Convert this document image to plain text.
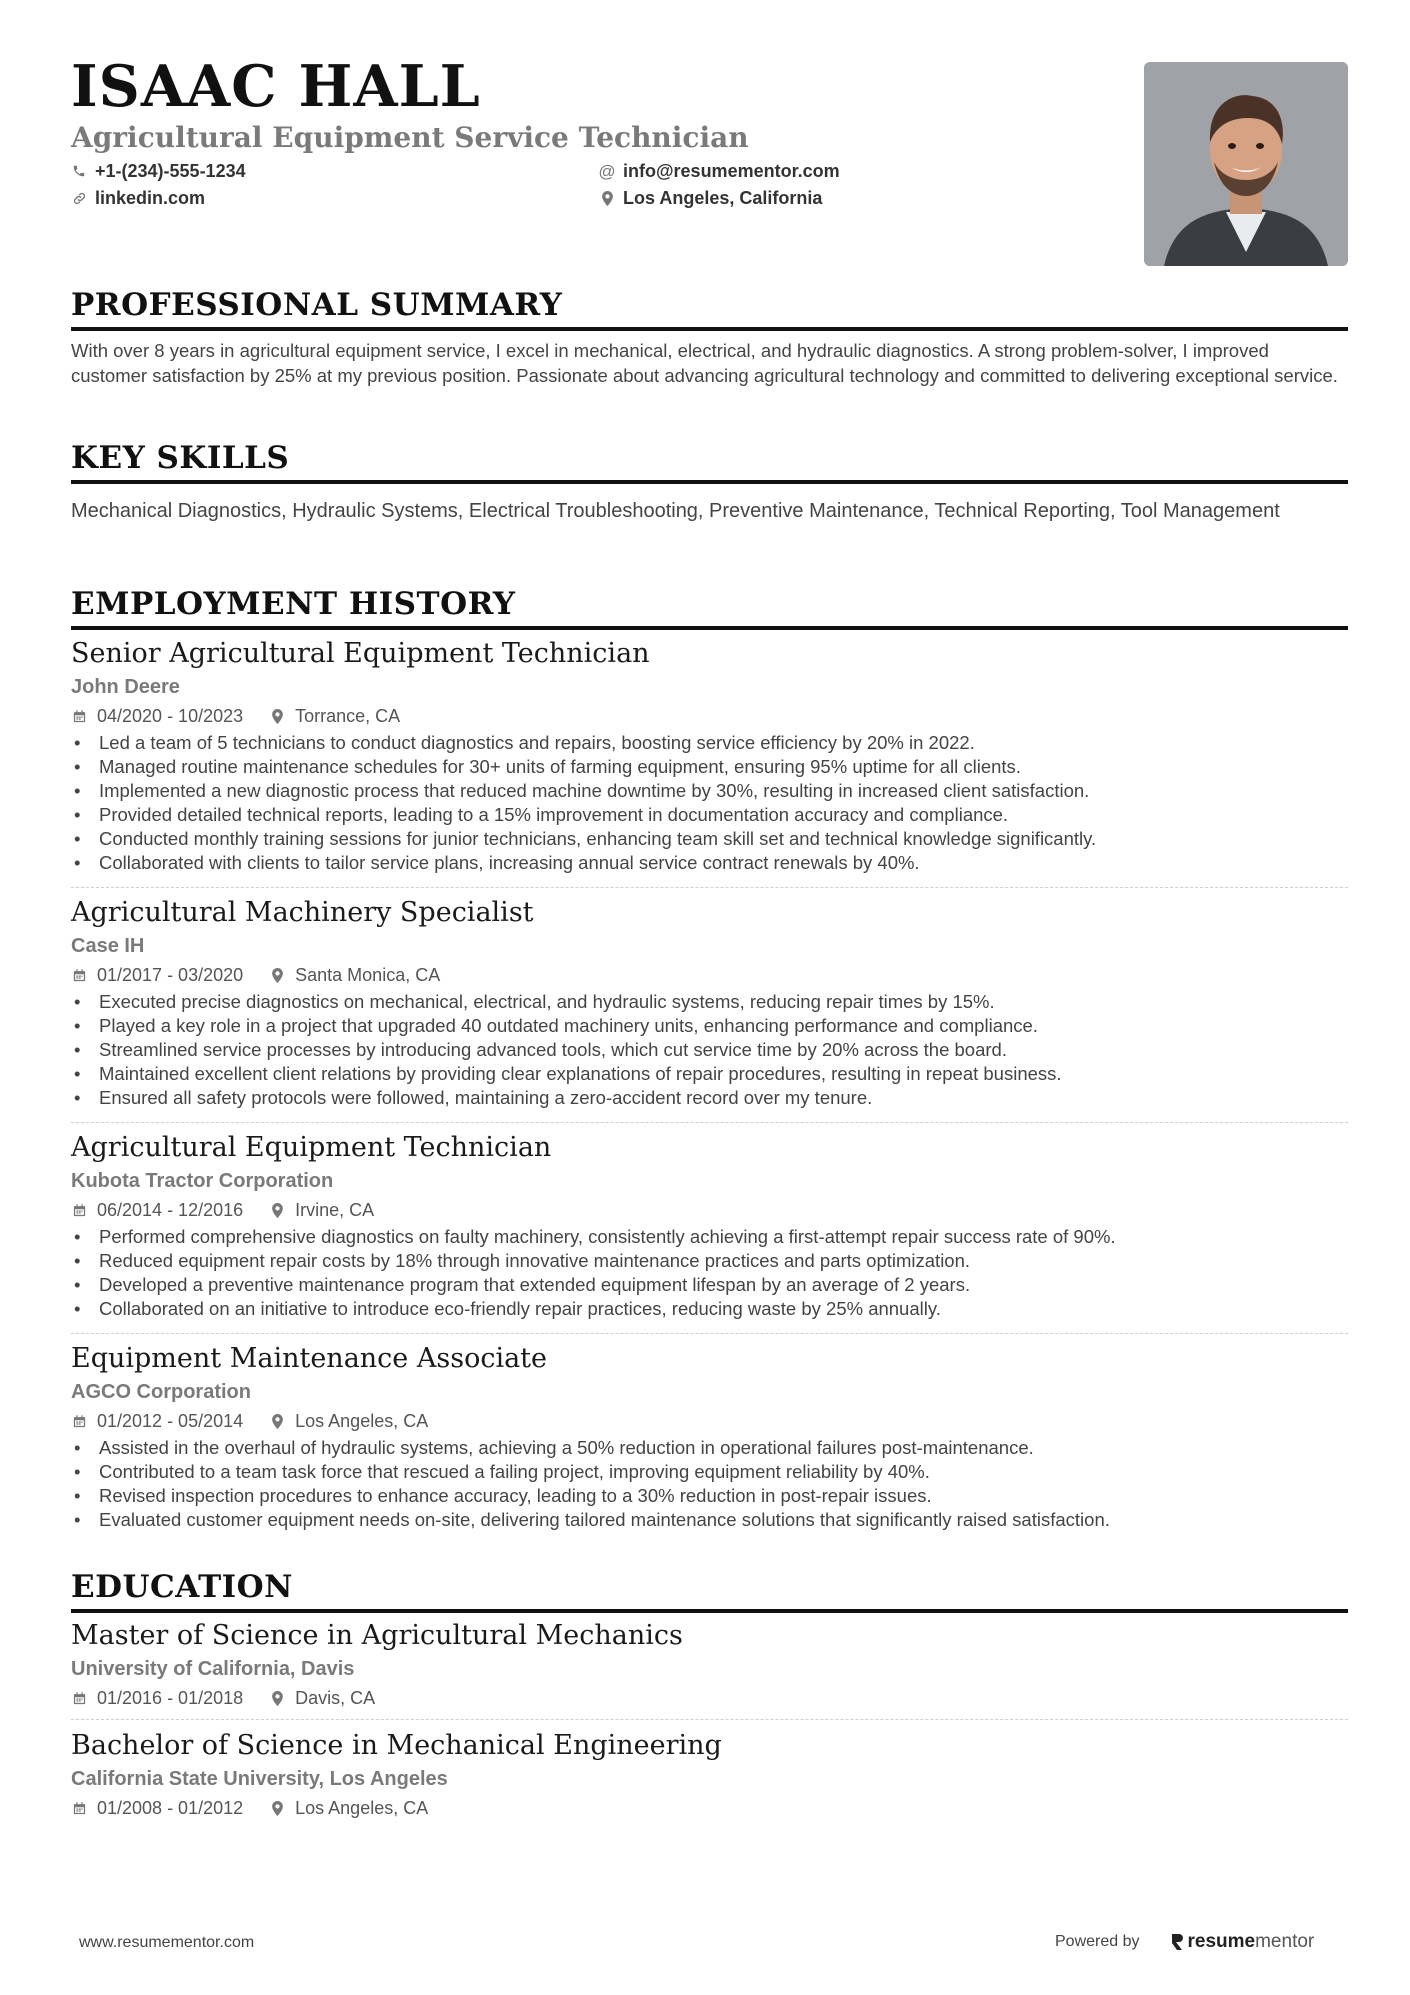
ISAAC HALL
Agricultural Equipment Service Technician
+1-(234)-555-1234	@ info@resumementor.com
linkedin.com	Los Angeles, California
PROFESSIONAL SUMMARY
With over 8 years in agricultural equipment service, I excel in mechanical, electrical, and hydraulic diagnostics. A strong problem-solver, I improved customer satisfaction by 25% at my previous position. Passionate about advancing agricultural technology and committed to delivering exceptional service.
KEY SKILLS
Mechanical Diagnostics, Hydraulic Systems, Electrical Troubleshooting, Preventive Maintenance, Technical Reporting, Tool Management
EMPLOYMENT HISTORY
Senior Agricultural Equipment Technician
John Deere
04/2020 - 10/2023	Torrance, CA
• Led a team of 5 technicians to conduct diagnostics and repairs, boosting service efficiency by 20% in 2022.
• Managed routine maintenance schedules for 30+ units of farming equipment, ensuring 95% uptime for all clients.
• Implemented a new diagnostic process that reduced machine downtime by 30%, resulting in increased client satisfaction.
• Provided detailed technical reports, leading to a 15% improvement in documentation accuracy and compliance.
• Conducted monthly training sessions for junior technicians, enhancing team skill set and technical knowledge significantly.
• Collaborated with clients to tailor service plans, increasing annual service contract renewals by 40%.
Agricultural Machinery Specialist
Case IH
01/2017 - 03/2020	Santa Monica, CA
• Executed precise diagnostics on mechanical, electrical, and hydraulic systems, reducing repair times by 15%.
• Played a key role in a project that upgraded 40 outdated machinery units, enhancing performance and compliance.
• Streamlined service processes by introducing advanced tools, which cut service time by 20% across the board.
• Maintained excellent client relations by providing clear explanations of repair procedures, resulting in repeat business.
• Ensured all safety protocols were followed, maintaining a zero-accident record over my tenure.
Agricultural Equipment Technician
Kubota Tractor Corporation
06/2014 - 12/2016	Irvine, CA
• Performed comprehensive diagnostics on faulty machinery, consistently achieving a first-attempt repair success rate of 90%.
• Reduced equipment repair costs by 18% through innovative maintenance practices and parts optimization.
• Developed a preventive maintenance program that extended equipment lifespan by an average of 2 years.
• Collaborated on an initiative to introduce eco-friendly repair practices, reducing waste by 25% annually.
Equipment Maintenance Associate
AGCO Corporation
01/2012 - 05/2014	Los Angeles, CA
• Assisted in the overhaul of hydraulic systems, achieving a 50% reduction in operational failures post-maintenance.
• Contributed to a team task force that rescued a failing project, improving equipment reliability by 40%.
• Revised inspection procedures to enhance accuracy, leading to a 30% reduction in post-repair issues.
• Evaluated customer equipment needs on-site, delivering tailored maintenance solutions that significantly raised satisfaction.
EDUCATION
Master of Science in Agricultural Mechanics
University of California, Davis
01/2016 - 01/2018	Davis, CA
Bachelor of Science in Mechanical Engineering
California State University, Los Angeles
01/2008 - 01/2012	Los Angeles, CA
www.resumementor.com	Powered by	resume mentor
